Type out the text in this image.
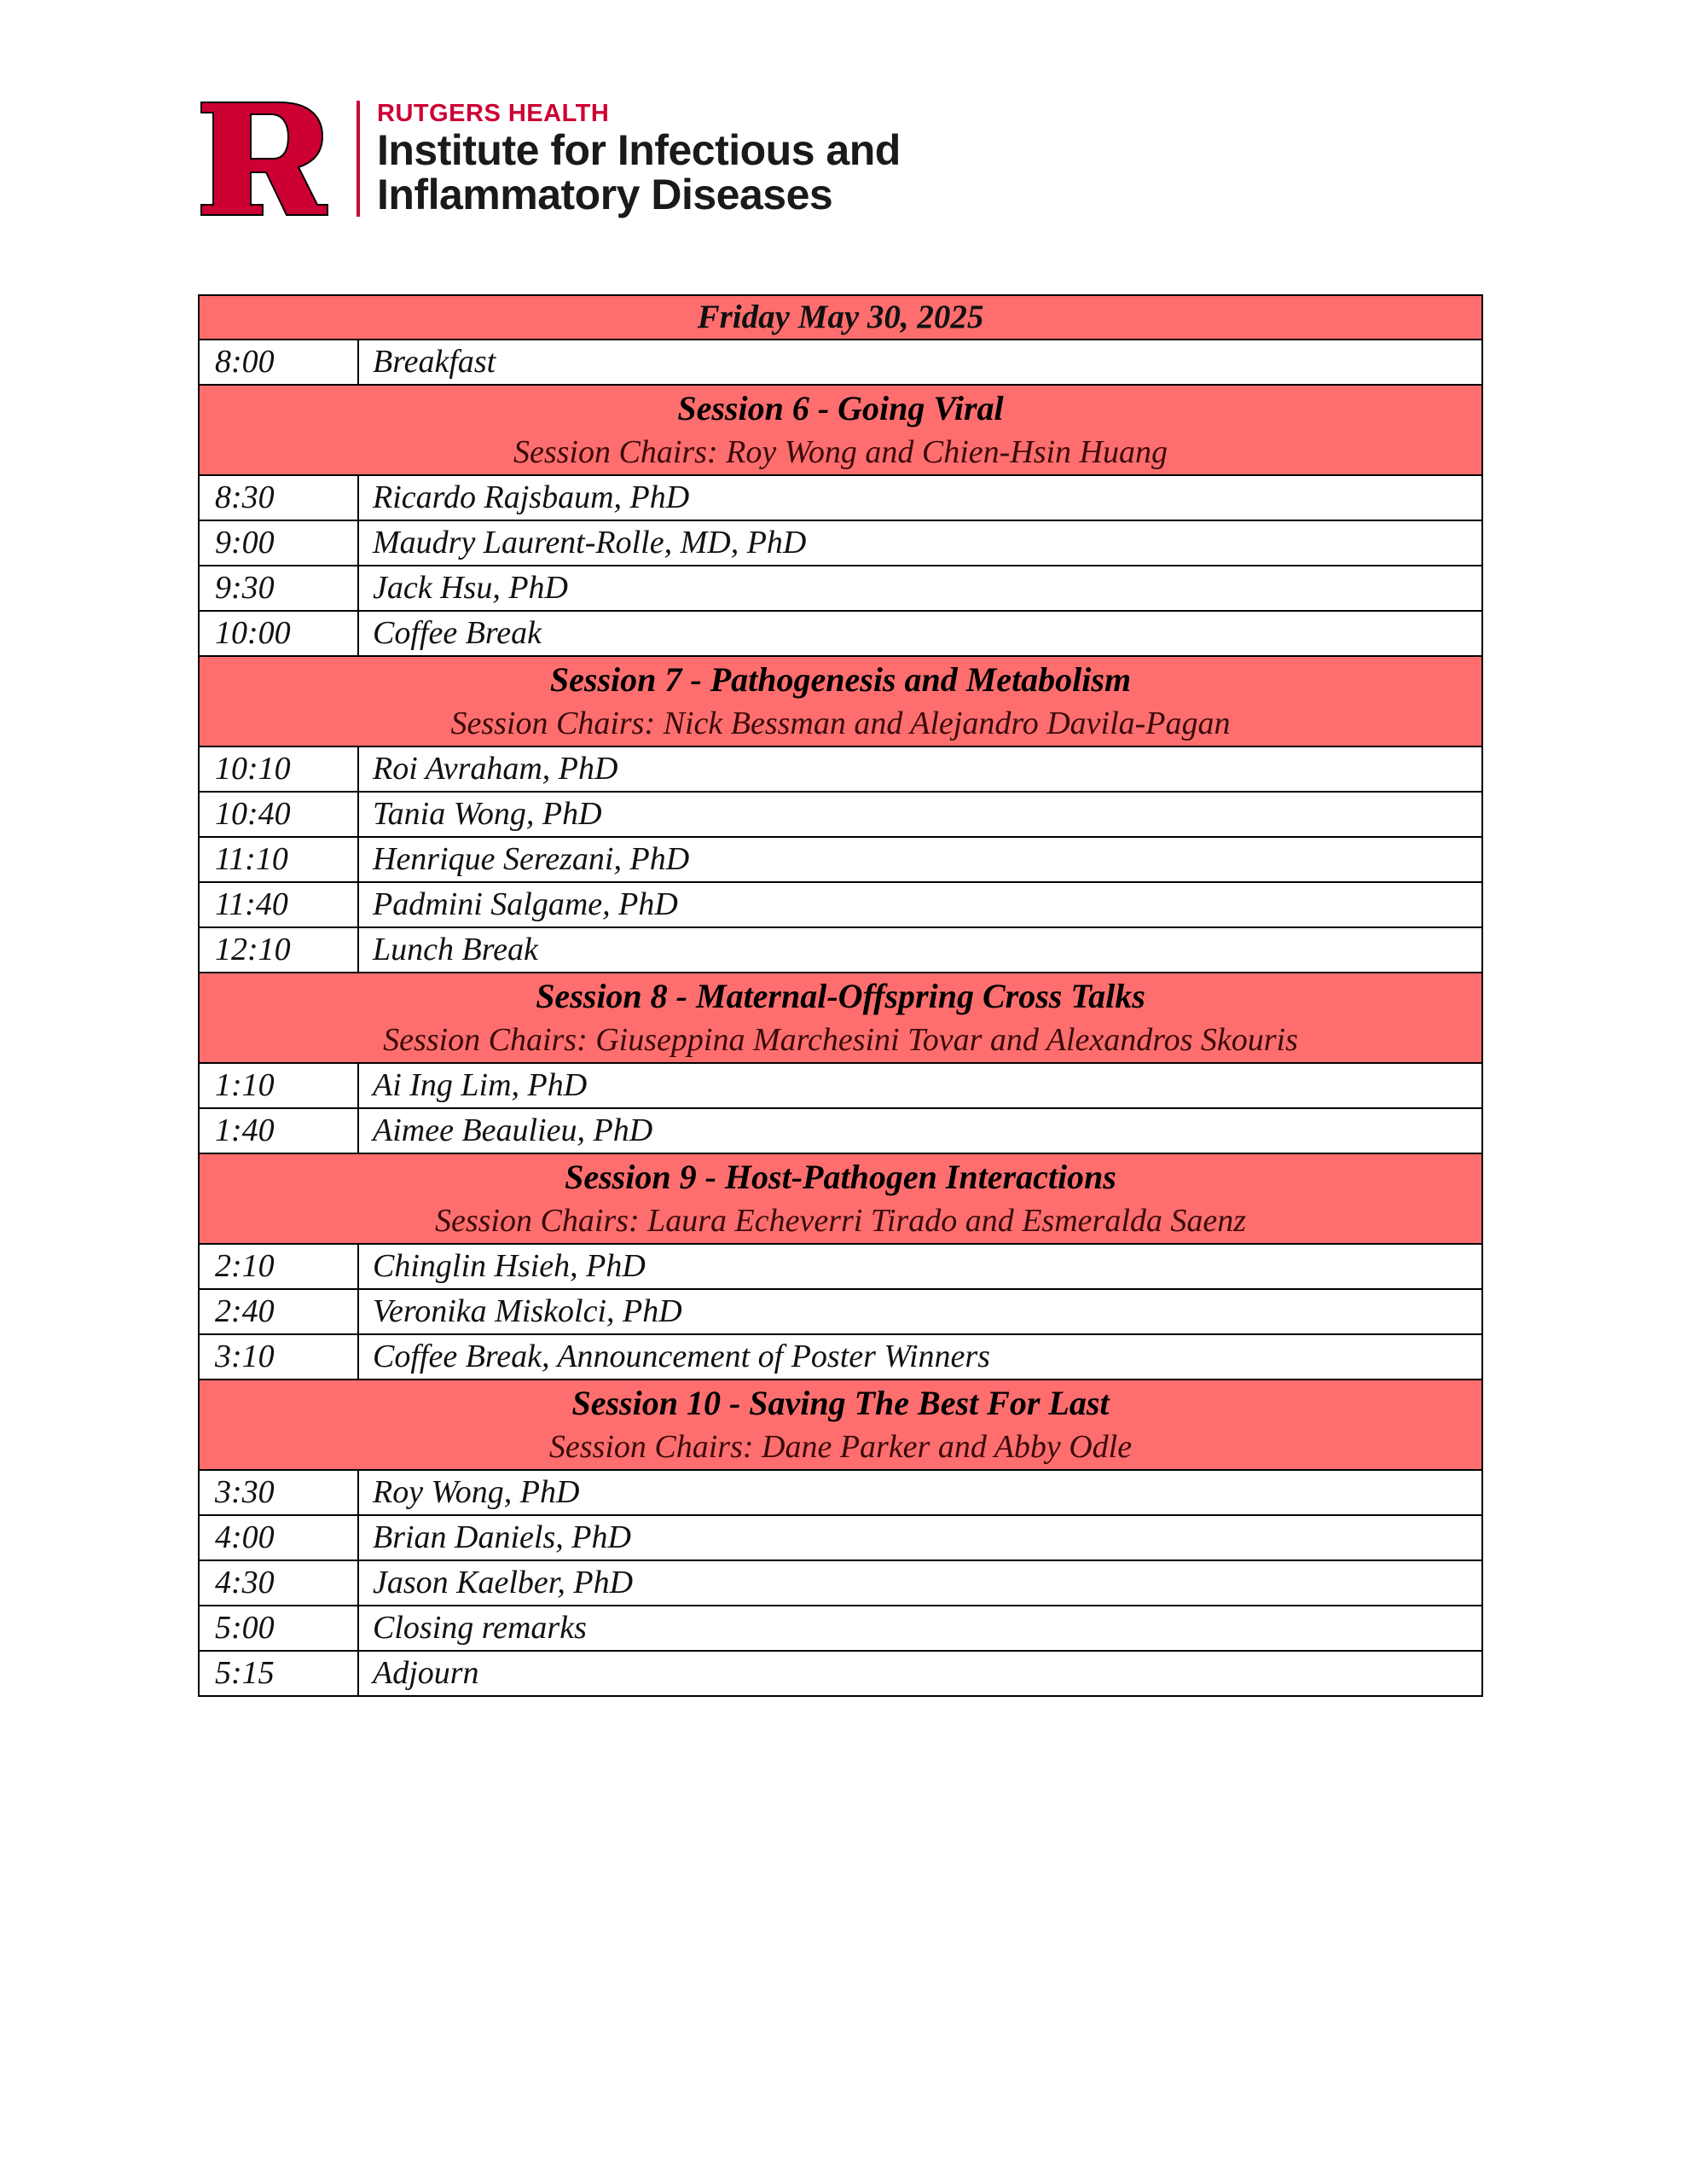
RUTGERS HEALTH
Institute for Infectious and
Inflammatory Diseases
Friday May 30, 2025	
8:00	Breakfast

Session 6 - Going Viral
Session Chairs: Roy Wong and Chien-Hsin Huang	

8:30	Ricardo Rajsbaum, PhD
9:00	Maudry Laurent-Rolle, MD, PhD
9:30	Jack Hsu, PhD
10:00	Coffee Break

Session 7 - Pathogenesis and Metabolism
Session Chairs: Nick Bessman and Alejandro Davila-Pagan	

10:10	Roi Avraham, PhD
10:40	Tania Wong, PhD
11:10	Henrique Serezani, PhD
11:40	Padmini Salgame, PhD
12:10	Lunch Break

Session 8 - Maternal-Offspring Cross Talks
Session Chairs: Giuseppina Marchesini Tovar and Alexandros Skouris	

1:10	Ai Ing Lim, PhD
1:40	Aimee Beaulieu, PhD

Session 9 - Host-Pathogen Interactions
Session Chairs: Laura Echeverri Tirado and Esmeralda Saenz	

2:10	Chinglin Hsieh, PhD
2:40	Veronika Miskolci, PhD
3:10	Coffee Break, Announcement of Poster Winners

Session 10 - Saving The Best For Last
Session Chairs: Dane Parker and Abby Odle	

3:30	Roy Wong, PhD
4:00	Brian Daniels, PhD
4:30	Jason Kaelber, PhD
5:00	Closing remarks
5:15	Adjourn
